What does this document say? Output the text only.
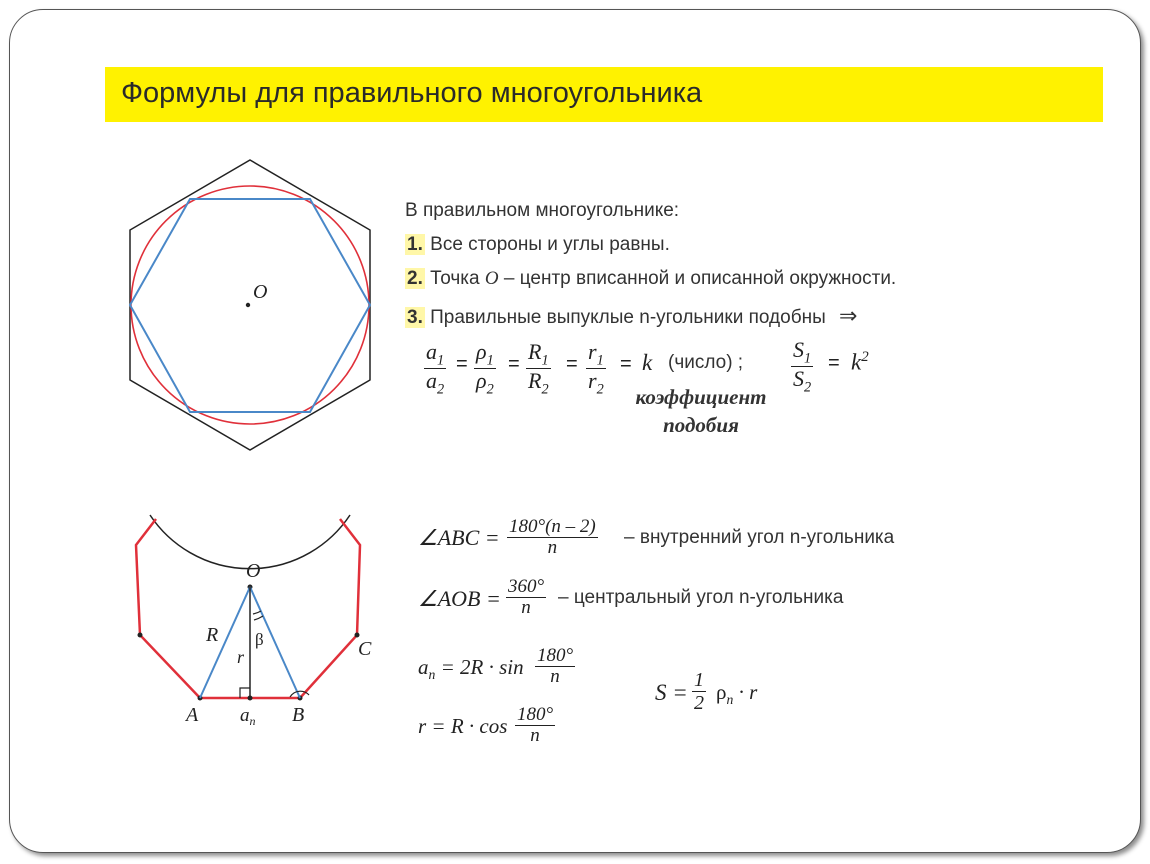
Формулы для правильного многоугольника
O
В правильном многоугольнике:
1. Все стороны и углы равны.
2. Точка O – центр вписанной и описанной окружности.
3. Правильные выпуклые n-угольники подобны ⇒
$\frac{a_1}{a_2} = \frac{\rho_1}{\rho_2} = \frac{R_1}{R_2} = \frac{r_1}{r_2} = k$ (число) ;
коэффициент
подобия
$\frac{S_1}{S_2} = k^2$
O
R
r
β
A	B
C
$a_n$
∠ABC = $\frac{180^\circ(n - 2)}{n}$ – внутренний угол n-угольника
∠AOB = $\frac{360^\circ}{n}$ – центральный угол n-угольника
$a_n = 2R \cdot \sin \frac{180^\circ}{n}$
$r = R \cdot \cos \frac{180^\circ}{n}$
$S = \frac{1}{2} \rho_n \cdot r$
